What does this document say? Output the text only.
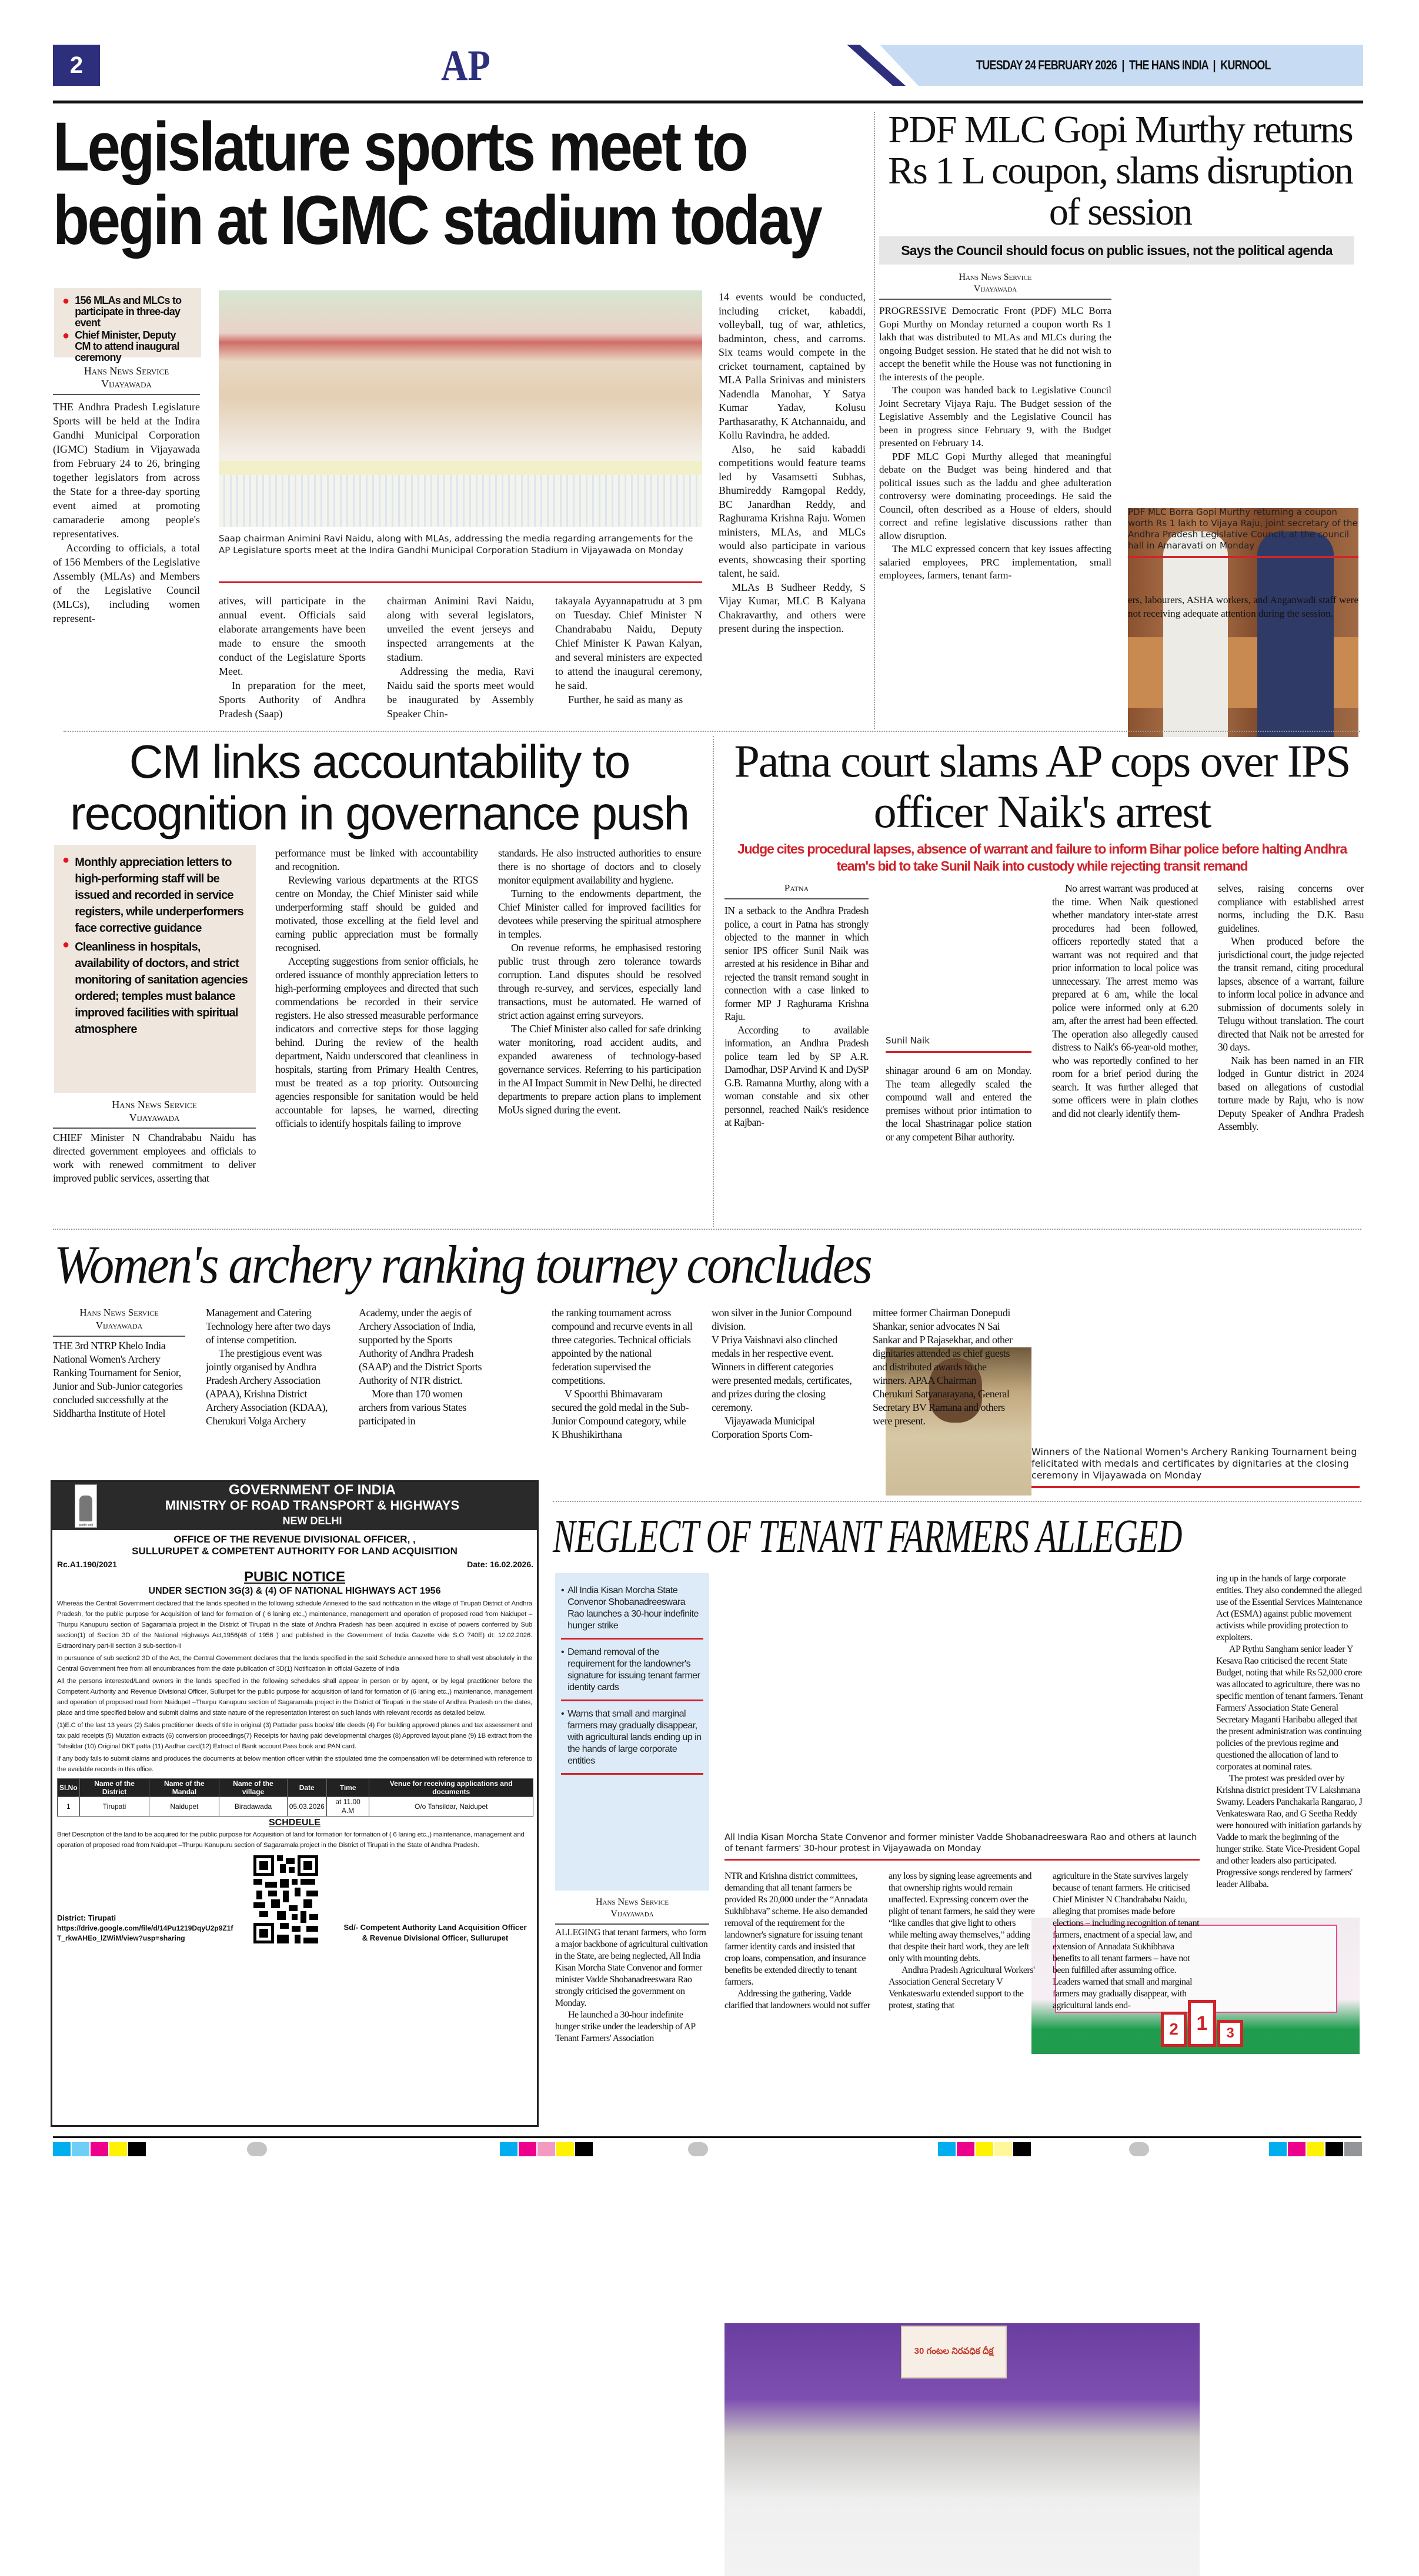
2	AP	TUESDAY 24 FEBRUARY 2026  |  THE HANS INDIA  |  KURNOOL
Legislature sports meet to begin at IGMC stadium today
● 156 MLAs and MLCs to participate in three-day event
● Chief Minister, Deputy CM to attend inaugural ceremony
Hans News Service
Vijayawada

THE Andhra Pradesh Legislature Sports will be held at the Indira Gandhi Municipal Corporation (IGMC) Stadium in Vijayawada from February 24 to 26, bringing together legislators from across the State for a three-day sporting event aimed at promoting camaraderie among people's representatives.

According to officials, a total of 156 Members of the Legislative Assembly (MLAs) and Members of the Legislative Council (MLCs), including women represent-

Saap chairman Animini Ravi Naidu, along with MLAs, addressing the media regarding arrangements for the AP Legislature sports meet at the Indira Gandhi Municipal Corporation Stadium in Vijayawada on Monday

atives, will participate in the annual event. Officials said elaborate arrangements have been made to ensure the smooth conduct of the Legislature Sports Meet.

In preparation for the meet, Sports Authority of Andhra Pradesh (Saap)

chairman Animini Ravi Naidu, along with several legislators, unveiled the event jerseys and inspected arrangements at the stadium.

Addressing the media, Ravi Naidu said the sports meet would be inaugurated by Assembly Speaker Chin-

takayala Ayyannapatrudu at 3 pm on Tuesday. Chief Minister N Chandrababu Naidu, Deputy Chief Minister K Pawan Kalyan, and several ministers are expected to attend the inaugural ceremony, he said.

Further, he said as many as

14 events would be conducted, including cricket, kabaddi, volleyball, tug of war, athletics, badminton, chess, and carroms. Six teams would compete in the cricket tournament, captained by MLA Palla Srinivas and ministers Nadendla Manohar, Y Satya Kumar Yadav, Kolusu Parthasarathy, K Atchannaidu, and Kollu Ravindra, he added.

Also, he said kabaddi competitions would feature teams led by Vasamsetti Subhas, Bhumireddy Ramgopal Reddy, BC Janardhan Reddy, and Raghurama Krishna Raju. Women ministers, MLAs, and MLCs would also participate in various events, showcasing their sporting talent, he said.

MLAs B Sudheer Reddy, S Vijay Kumar, MLC B Kalyana Chakravarthy, and others were present during the inspection.

PDF MLC Gopi Murthy returns Rs 1 L coupon, slams disruption of session
Says the Council should focus on public issues, not the political agenda
Hans News Service
Vijayawada

PROGRESSIVE Democratic Front (PDF) MLC Borra Gopi Murthy on Monday returned a coupon worth Rs 1 lakh that was distributed to MLAs and MLCs during the ongoing Budget session. He stated that he did not wish to accept the benefit while the House was not functioning in the interests of the people.

The coupon was handed back to Legislative Council Joint Secretary Vijaya Raju. The Budget session of the Legislative Assembly and the Legislative Council has been in progress since February 9, with the Budget presented on February 14.

PDF MLC Gopi Murthy alleged that meaningful debate on the Budget was being hindered and that political issues such as the laddu and ghee adulteration controversy were dominating proceedings. He said the Council, often described as a House of elders, should correct and refine legislative discussions rather than allow disruption.

The MLC expressed concern that key issues affecting salaried employees, PRC implementation, small employees, farmers, tenant farm-

PDF MLC Borra Gopi Murthy returning a coupon worth Rs 1 lakh to Vijaya Raju, joint secretary of the Andhra Pradesh Legislative Council, at the council hall in Amaravati on Monday

ers, labourers, ASHA workers, and Anganwadi staff were not receiving adequate attention during the session.

CM links accountability to recognition in governance push
● Monthly appreciation letters to high-performing staff will be issued and recorded in service registers, while underperformers face corrective guidance
● Cleanliness in hospitals, availability of doctors, and strict monitoring of sanitation agencies ordered; temples must balance improved facilities with spiritual atmosphere
Hans News Service
Vijayawada

CHIEF Minister N Chandrababu Naidu has directed government employees and officials to work with renewed commitment to deliver improved public services, asserting that

performance must be linked with accountability and recognition.

Reviewing various departments at the RTGS centre on Monday, the Chief Minister said while underperforming staff should be guided and motivated, those excelling at the field level and earning public appreciation must be formally recognised.

Accepting suggestions from senior officials, he ordered issuance of monthly appreciation letters to high-performing employees and directed that such commendations be recorded in their service registers. He also stressed measurable performance indicators and corrective steps for those lagging behind. During the review of the health department, Naidu underscored that cleanliness in hospitals, starting from Primary Health Centres, must be treated as a top priority. Outsourcing agencies responsible for sanitation would be held accountable for lapses, he warned, directing officials to identify hospitals failing to improve

standards. He also instructed authorities to ensure there is no shortage of doctors and to closely monitor equipment availability and hygiene.

Turning to the endowments department, the Chief Minister called for improved facilities for devotees while preserving the spiritual atmosphere in temples.

On revenue reforms, he emphasised restoring public trust through zero tolerance towards corruption. Land disputes should be resolved through re-survey, and services, especially land transactions, must be automated. He warned of strict action against erring surveyors.

The Chief Minister also called for safe drinking water monitoring, road accident audits, and expanded awareness of technology-based governance services. Referring to his participation in the AI Impact Summit in New Delhi, he directed departments to prepare action plans to implement MoUs signed during the event.

Patna court slams AP cops over IPS officer Naik's arrest
Judge cites procedural lapses, absence of warrant and failure to inform Bihar police before halting Andhra team's bid to take Sunil Naik into custody while rejecting transit remand
Patna

IN a setback to the Andhra Pradesh police, a court in Patna has strongly objected to the manner in which senior IPS officer Sunil Naik was arrested at his residence in Bihar and rejected the transit remand sought in connection with a case linked to former MP J Raghurama Krishna Raju.

According to available information, an Andhra Pradesh police team led by SP A.R. Damodhar, DSP Arvind K and DySP G.B. Ramanna Murthy, along with a woman constable and six other personnel, reached Naik's residence at Rajban-

Sunil Naik

shinagar around 6 am on Monday. The team allegedly scaled the compound wall and entered the premises without prior intimation to the local Shastrinagar police station or any competent Bihar authority.

No arrest warrant was produced at the time. When Naik questioned whether mandatory inter-state arrest procedures had been followed, officers reportedly stated that a warrant was not required and that prior information to local police was unnecessary. The arrest memo was prepared at 6 am, while the local police were informed only at 6.20 am, after the arrest had been effected. The operation also allegedly caused distress to Naik's 66-year-old mother, who was reportedly confined to her room for a brief period during the search. It was further alleged that some officers were in plain clothes and did not clearly identify them-

selves, raising concerns over compliance with established arrest norms, including the D.K. Basu guidelines.

When produced before the jurisdictional court, the judge rejected the transit remand, citing procedural lapses, absence of a warrant, failure to inform local police in advance and submission of documents solely in Telugu without translation. The court directed that Naik not be arrested for 30 days.

Naik has been named in an FIR lodged in Guntur district in 2024 based on allegations of custodial torture made by Raju, who is now Deputy Speaker of Andhra Pradesh Assembly.

Women's archery ranking tourney concludes
Hans News Service
Vijayawada

THE 3rd NTRP Khelo India National Women's Archery Ranking Tournament for Senior, Junior and Sub-Junior categories concluded successfully at the Siddhartha Institute of Hotel

Management and Catering Technology here after two days of intense competition.

The prestigious event was jointly organised by Andhra Pradesh Archery Association (APAA), Krishna District Archery Association (KDAA), Cherukuri Volga Archery

Academy, under the aegis of Archery Association of India, supported by the Sports Authority of Andhra Pradesh (SAAP) and the District Sports Authority of NTR district.

More than 170 women archers from various States participated in

the ranking tournament across compound and recurve events in all three categories. Technical officials appointed by the national federation supervised the competitions.

V Spoorthi Bhimavaram secured the gold medal in the Sub-Junior Compound category, while K Bhushikirthana

won silver in the Junior Compound division.

V Priya Vaishnavi also clinched medals in her respective event. Winners in different categories were presented medals, certificates, and prizes during the closing ceremony.

Vijayawada Municipal Corporation Sports Com-

mittee former Chairman Donepudi Shankar, senior advocates N Sai Sankar and P Rajasekhar, and other dignitaries attended as chief guests and distributed awards to the winners. APAA Chairman Cherukuri Satyanarayana, General Secretary BV Ramana and others were present.

2 1 3
Winners of the National Women's Archery Ranking Tournament being felicitated with medals and certificates by dignitaries at the closing ceremony in Vijayawada on Monday
सत्यमेव जयते
GOVERNMENT OF INDIA
MINISTRY OF ROAD TRANSPORT & HIGHWAYS
NEW DELHI
OFFICE OF THE REVENUE DIVISIONAL OFFICER, ,
SULLURUPET & COMPETENT AUTHORITY FOR LAND ACQUISITION
Rc.A1.190/2021	Date: 16.02.2026.
PUBIC NOTICE
UNDER SECTION 3G(3) & (4) OF NATIONAL HIGHWAYS ACT 1956

Whereas the Central Government declared that the lands specified in the following schedule Annexed to the said notification in the village of Tirupati District of Andhra Pradesh, for the public purpose for Acquisition of land for formation of ( 6 laning etc.,) maintenance, management and operation of proposed road from Naidupet –Thurpu Kanupuru section of Sagaramala project in the District of Tirupati in the state of Andhra Pradesh has been acquired in excise of powers conferred by Sub section(1) of Section 3D of the National Highways Act,1956(48 of 1956 ) and published in the Government of India Gazette vide S.O 740E) dt: 12.02.2026. Extraordinary part-II section 3 sub-section-II

In pursuance of sub section2 3D of the Act, the Central Government declares that the lands specified in the said Schedule annexed here to shall vest absolutely in the Central Government free from all encumbrances from the date publication of 3D(1) Notification in official Gazette of India

All the persons interested/Land owners in the lands specified in the following schedules shall appear in person or by agent, or by legal practitioner before the Competent Authority and Revenue Divisional Officer, Sullurpet for the public purpose for acquisition of land for formation of (6 laning etc.,) maintenance, management and operation of proposed road from Naidupet –Thurpu Kanupuru section of Sagaramala project in the District of Tirupati in the state of Andhra Pradesh on the dates, place and time specified below and submit claims and state nature of the representation interest on such lands with relevant records as detailed below.

(1)E.C of the last 13 years (2) Sales practitioner deeds of title in original (3) Pattadar pass books/ title deeds (4) For building approved planes and tax assessment and tax paid receipts (5) Mutation extracts (6) conversion proceedings(7) Receipts for having paid developmental charges (8) Approved layout plane (9) 1B extract from the Tahsildar (10) Original DKT patta (11) Aadhar card(12) Extract of Bank account Pass book and PAN card.

If any body fails to submit claims and produces the documents at below mention officer within the stipulated time the compensation will be determined with reference to the available records in this office.

Sl.No	Name of the District	Name of the Mandal	Name of the village	Date	Time	Venue for receiving applications and documents
1	Tirupati	Naidupet	Biradawada	05.03.2026	at 11.00 A.M	O/o Tahsildar, Naidupet
SCHDEULE
Brief Description of the land to be acquired for the public purpose for Acquisition of land for formation for formation of ( 6 laning etc.,) maintenance, management and operation of proposed road from Naidupet –Thurpu Kanupuru section of Sagaramala project in the District of Tirupati in the State of Andhra Pradesh.
District: Tirupati
https://drive.google.com/file/d/14Pu1219DqyU2p9Z1fT_rkwAHEo_lZWiM/view?usp=sharing
Sd/- Competent Authority Land Acquisition Officer
& Revenue Divisional Officer, Sullurupet
NEGLECT OF TENANT FARMERS ALLEGED
• All India Kisan Morcha State Convenor Shobanadreeswara Rao launches a 30-hour indefinite hunger strike
• Demand removal of the requirement for the landowner's signature for issuing tenant farmer identity cards
• Warns that small and marginal farmers may gradually disappear, with agricultural lands ending up in the hands of large corporate entities
30 గంటల నిరవధిక దీక్ష
All India Kisan Morcha State Convenor and former minister Vadde Shobanadreeswara Rao and others at launch of tenant farmers' 30-hour protest in Vijayawada on Monday
Hans News Service
Vijayawada

ALLEGING that tenant farmers, who form a major backbone of agricultural cultivation in the State, are being neglected, All India Kisan Morcha State Convenor and former minister Vadde Shobanadreeswara Rao strongly criticised the government on Monday.

He launched a 30-hour indefinite hunger strike under the leadership of AP Tenant Farmers' Association

NTR and Krishna district committees, demanding that all tenant farmers be provided Rs 20,000 under the “Annadata Sukhibhava” scheme. He also demanded removal of the requirement for the landowner's signature for issuing tenant farmer identity cards and insisted that crop loans, compensation, and insurance benefits be extended directly to tenant farmers.

Addressing the gathering, Vadde clarified that landowners would not suffer

any loss by signing lease agreements and that ownership rights would remain unaffected. Expressing concern over the plight of tenant farmers, he said they were “like candles that give light to others while melting away themselves,” adding that despite their hard work, they are left only with mounting debts.

Andhra Pradesh Agricultural Workers' Association General Secretary V Venkateswarlu extended support to the protest, stating that

agriculture in the State survives largely because of tenant farmers. He criticised Chief Minister N Chandrababu Naidu, alleging that promises made before elections – including recognition of tenant farmers, enactment of a special law, and extension of Annadata Sukhibhava benefits to all tenant farmers – have not been fulfilled after assuming office. Leaders warned that small and marginal farmers may gradually disappear, with agricultural lands end-

ing up in the hands of large corporate entities. They also condemned the alleged use of the Essential Services Maintenance Act (ESMA) against public movement activists while providing protection to exploiters.

AP Rythu Sangham senior leader Y Kesava Rao criticised the recent State Budget, noting that while Rs 52,000 crore was allocated to agriculture, there was no specific mention of tenant farmers. Tenant Farmers' Association State General Secretary Maganti Haribabu alleged that the present administration was continuing policies of the previous regime and questioned the allocation of land to corporates at nominal rates.

The protest was presided over by Krishna district president TV Lakshmana Swamy. Leaders Panchakarla Rangarao, J Venkateswara Rao, and G Seetha Reddy were honoured with initiation garlands by Vadde to mark the beginning of the hunger strike. State Vice-President Gopal and other leaders also participated. Progressive songs rendered by farmers' leader Alibaba.
